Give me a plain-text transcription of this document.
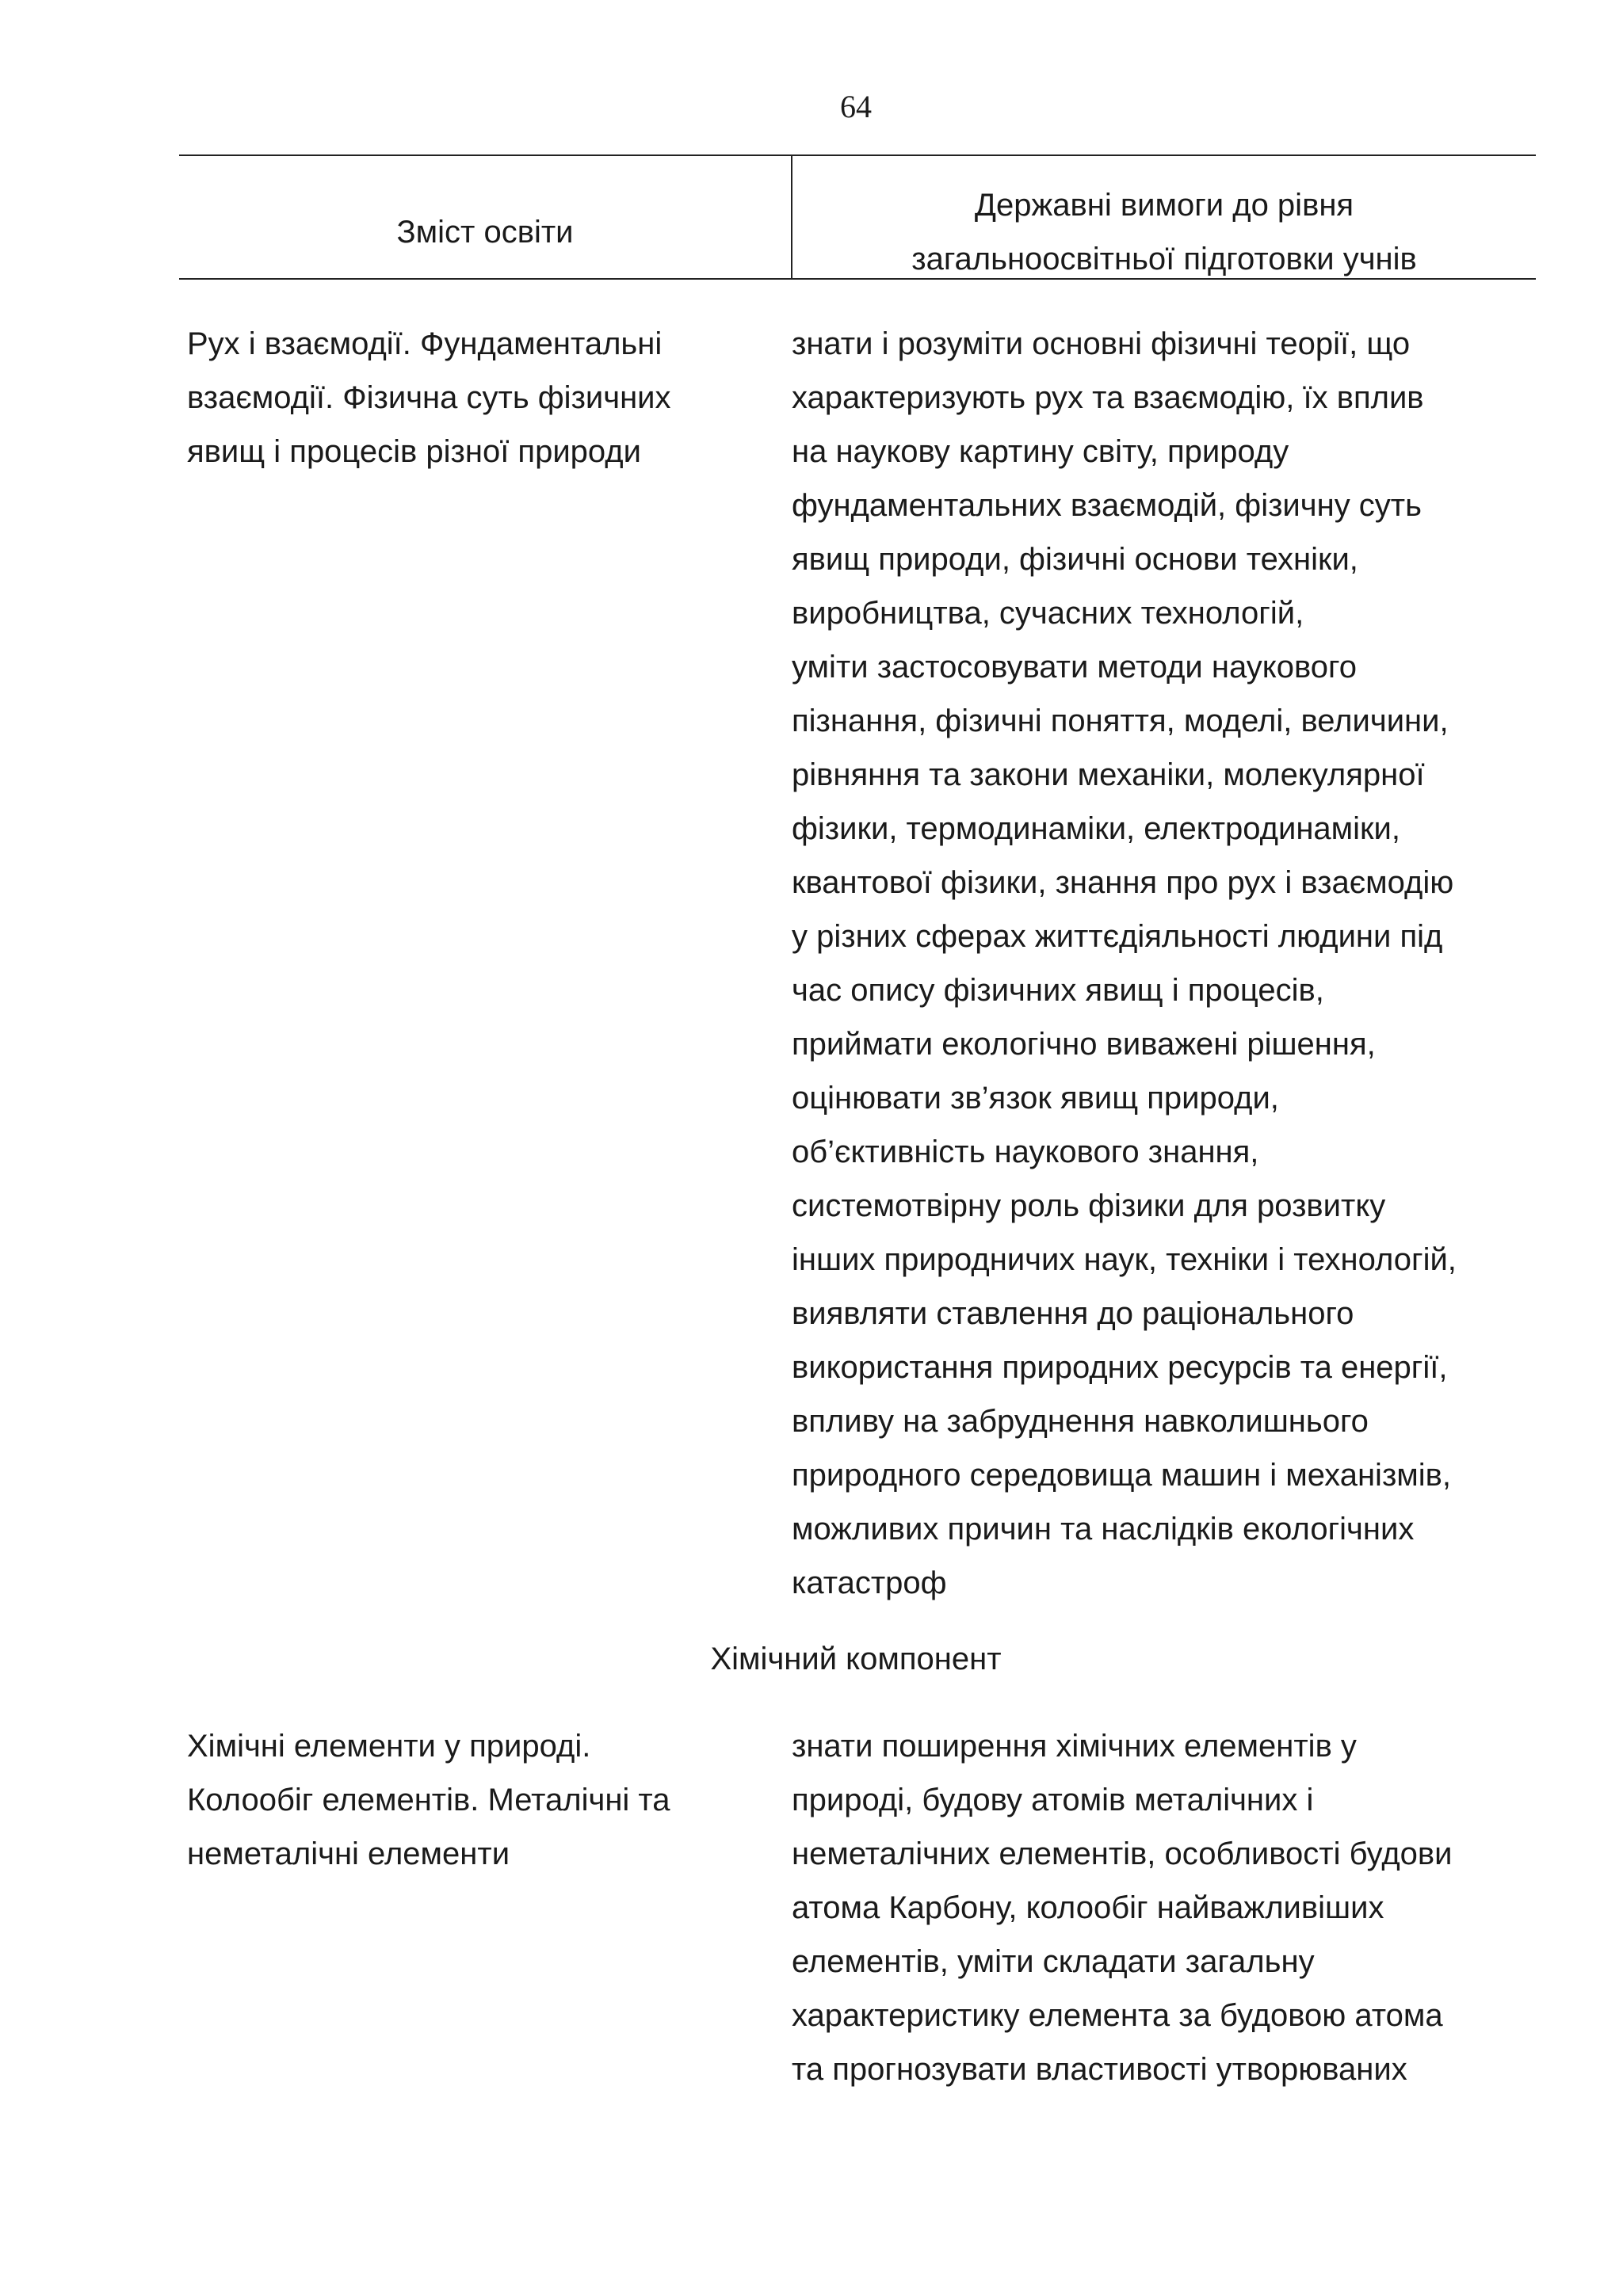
64
Зміст освіти
Державні вимоги до рівня
загальноосвітньої підготовки учнів
Рух і взаємодії. Фундаментальні
взаємодії. Фізична суть фізичних
явищ і процесів різної природи
знати і розуміти основні фізичні теорії, що
характеризують рух та взаємодію, їх вплив
на наукову картину світу, природу
фундаментальних взаємодій, фізичну суть
явищ природи, фізичні основи техніки,
виробництва, сучасних технологій,
уміти застосовувати методи наукового
пізнання, фізичні поняття, моделі, величини,
рівняння та закони механіки, молекулярної
фізики, термодинаміки, електродинаміки,
квантової фізики, знання про рух і взаємодію
у різних сферах життєдіяльності людини під
час опису фізичних явищ і процесів,
приймати екологічно виважені рішення,
оцінювати зв’язок явищ природи,
об’єктивність наукового знання,
системотвірну роль фізики для розвитку
інших природничих наук, техніки і технологій,
виявляти ставлення до раціонального
використання природних ресурсів та енергії,
впливу на забруднення навколишнього
природного середовища машин і механізмів,
можливих причин та наслідків екологічних
катастроф
Хімічний компонент
Хімічні елементи у природі.
Колообіг елементів. Металічні та
неметалічні елементи
знати поширення хімічних елементів у
природі, будову атомів металічних і
неметалічних елементів, особливості будови
атома Карбону, колообіг найважливіших
елементів, уміти складати загальну
характеристику елемента за будовою атома
та прогнозувати властивості утворюваних
